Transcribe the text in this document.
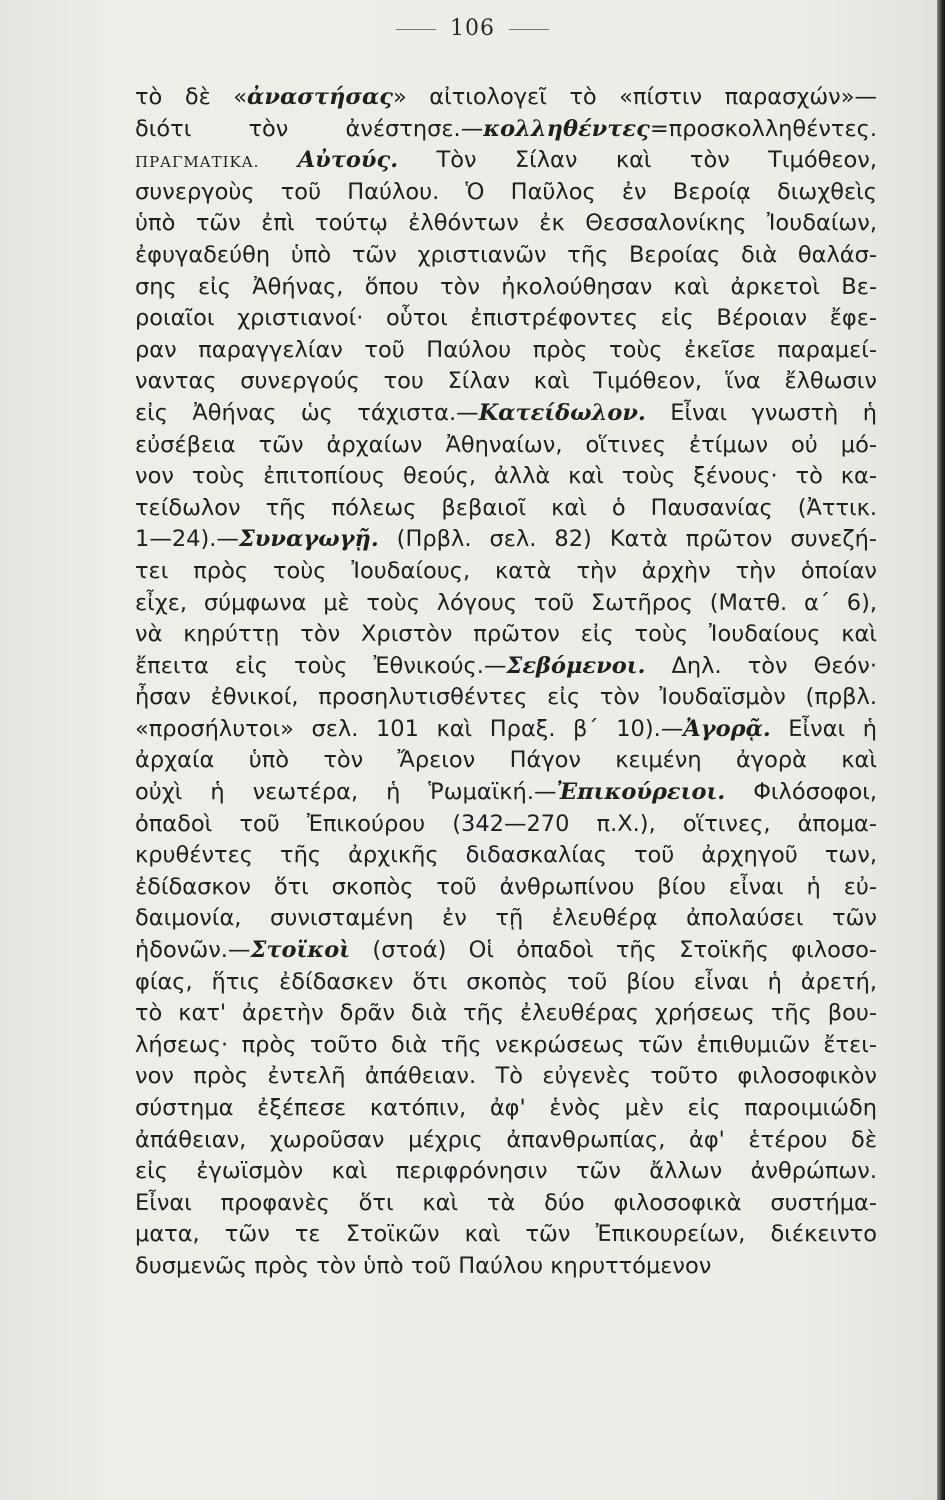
106
τὸ δὲ «ἀναστήσας» αἰτιολογεῖ τὸ «πίστιν παρασχών»—
διότι τὸν ἀνέστησε.—κολληθέντες=προσκολληθέντες.
ΠΡΑΓΜΑΤΙΚΑ. Αὐτούς. Τὸν Σίλαν καὶ τὸν Τιμόθεον,
συνεργοὺς τοῦ Παύλου. Ὁ Παῦλος ἐν Βεροίᾳ διωχθεὶς
ὑπὸ τῶν ἐπὶ τούτῳ ἐλθόντων ἐκ Θεσσαλονίκης Ἰουδαίων,
ἐφυγαδεύθη ὑπὸ τῶν χριστιανῶν τῆς Βεροίας διὰ θαλάσ-
σης εἰς Ἀθήνας, ὅπου τὸν ἠκολούθησαν καὶ ἀρκετοὶ Βε-
ροιαῖοι χριστιανοί· οὗτοι ἐπιστρέφοντες εἰς Βέροιαν ἔφε-
ραν παραγγελίαν τοῦ Παύλου πρὸς τοὺς ἐκεῖσε παραμεί-
ναντας συνεργούς του Σίλαν καὶ Τιμόθεον, ἵνα ἔλθωσιν
εἰς Ἀθήνας ὡς τάχιστα.—Κατείδωλον. Εἶναι γνωστὴ ἡ
εὐσέβεια τῶν ἀρχαίων Ἀθηναίων, οἵτινες ἐτίμων οὐ μό-
νον τοὺς ἐπιτοπίους θεούς, ἀλλὰ καὶ τοὺς ξένους· τὸ κα-
τείδωλον τῆς πόλεως βεβαιοῖ καὶ ὁ Παυσανίας (Ἀττικ.
1—24).—Συναγωγῇ. (Πρβλ. σελ. 82) Κατὰ πρῶτον συνεζή-
τει πρὸς τοὺς Ἰουδαίους, κατὰ τὴν ἀρχὴν τὴν ὁποίαν
εἶχε, σύμφωνα μὲ τοὺς λόγους τοῦ Σωτῆρος (Ματθ. α΄ 6),
νὰ κηρύττῃ τὸν Χριστὸν πρῶτον εἰς τοὺς Ἰουδαίους καὶ
ἔπειτα εἰς τοὺς Ἐθνικούς.—Σεβόμενοι. Δηλ. τὸν Θεόν·
ἦσαν ἐθνικοί, προσηλυτισθέντες εἰς τὸν Ἰουδαϊσμὸν (πρβλ.
«προσήλυτοι» σελ. 101 καὶ Πραξ. β΄ 10).—Ἀγορᾷ. Εἶναι ἡ
ἀρχαία ὑπὸ τὸν Ἄρειον Πάγον κειμένη ἀγορὰ καὶ
οὐχὶ ἡ νεωτέρα, ἡ Ῥωμαϊκή.—Ἐπικούρειοι. Φιλόσοφοι,
ὀπαδοὶ τοῦ Ἐπικούρου (342—270 π.Χ.), οἵτινες, ἀπομα-
κρυθέντες τῆς ἀρχικῆς διδασκαλίας τοῦ ἀρχηγοῦ των,
ἐδίδασκον ὅτι σκοπὸς τοῦ ἀνθρωπίνου βίου εἶναι ἡ εὐ-
δαιμονία, συνισταμένη ἐν τῇ ἐλευθέρᾳ ἀπολαύσει τῶν
ἡδονῶν.—Στοϊκοὶ (στοά) Οἱ ὀπαδοὶ τῆς Στοϊκῆς φιλοσο-
φίας, ἥτις ἐδίδασκεν ὅτι σκοπὸς τοῦ βίου εἶναι ἡ ἀρετή,
τὸ κατ' ἀρετὴν δρᾶν διὰ τῆς ἐλευθέρας χρήσεως τῆς βου-
λήσεως· πρὸς τοῦτο διὰ τῆς νεκρώσεως τῶν ἐπιθυμιῶν ἔτει-
νον πρὸς ἐντελῆ ἀπάθειαν. Τὸ εὐγενὲς τοῦτο φιλοσοφικὸν
σύστημα ἐξέπεσε κατόπιν, ἀφ' ἑνὸς μὲν εἰς παροιμιώδη
ἀπάθειαν, χωροῦσαν μέχρις ἀπανθρωπίας, ἀφ' ἑτέρου δὲ
εἰς ἐγωϊσμὸν καὶ περιφρόνησιν τῶν ἄλλων ἀνθρώπων.
Εἶναι προφανὲς ὅτι καὶ τὰ δύο φιλοσοφικὰ συστήμα-
ματα, τῶν τε Στοϊκῶν καὶ τῶν Ἐπικουρείων, διέκειντο
δυσμενῶς πρὸς τὸν ὑπὸ τοῦ Παύλου κηρυττόμενον
